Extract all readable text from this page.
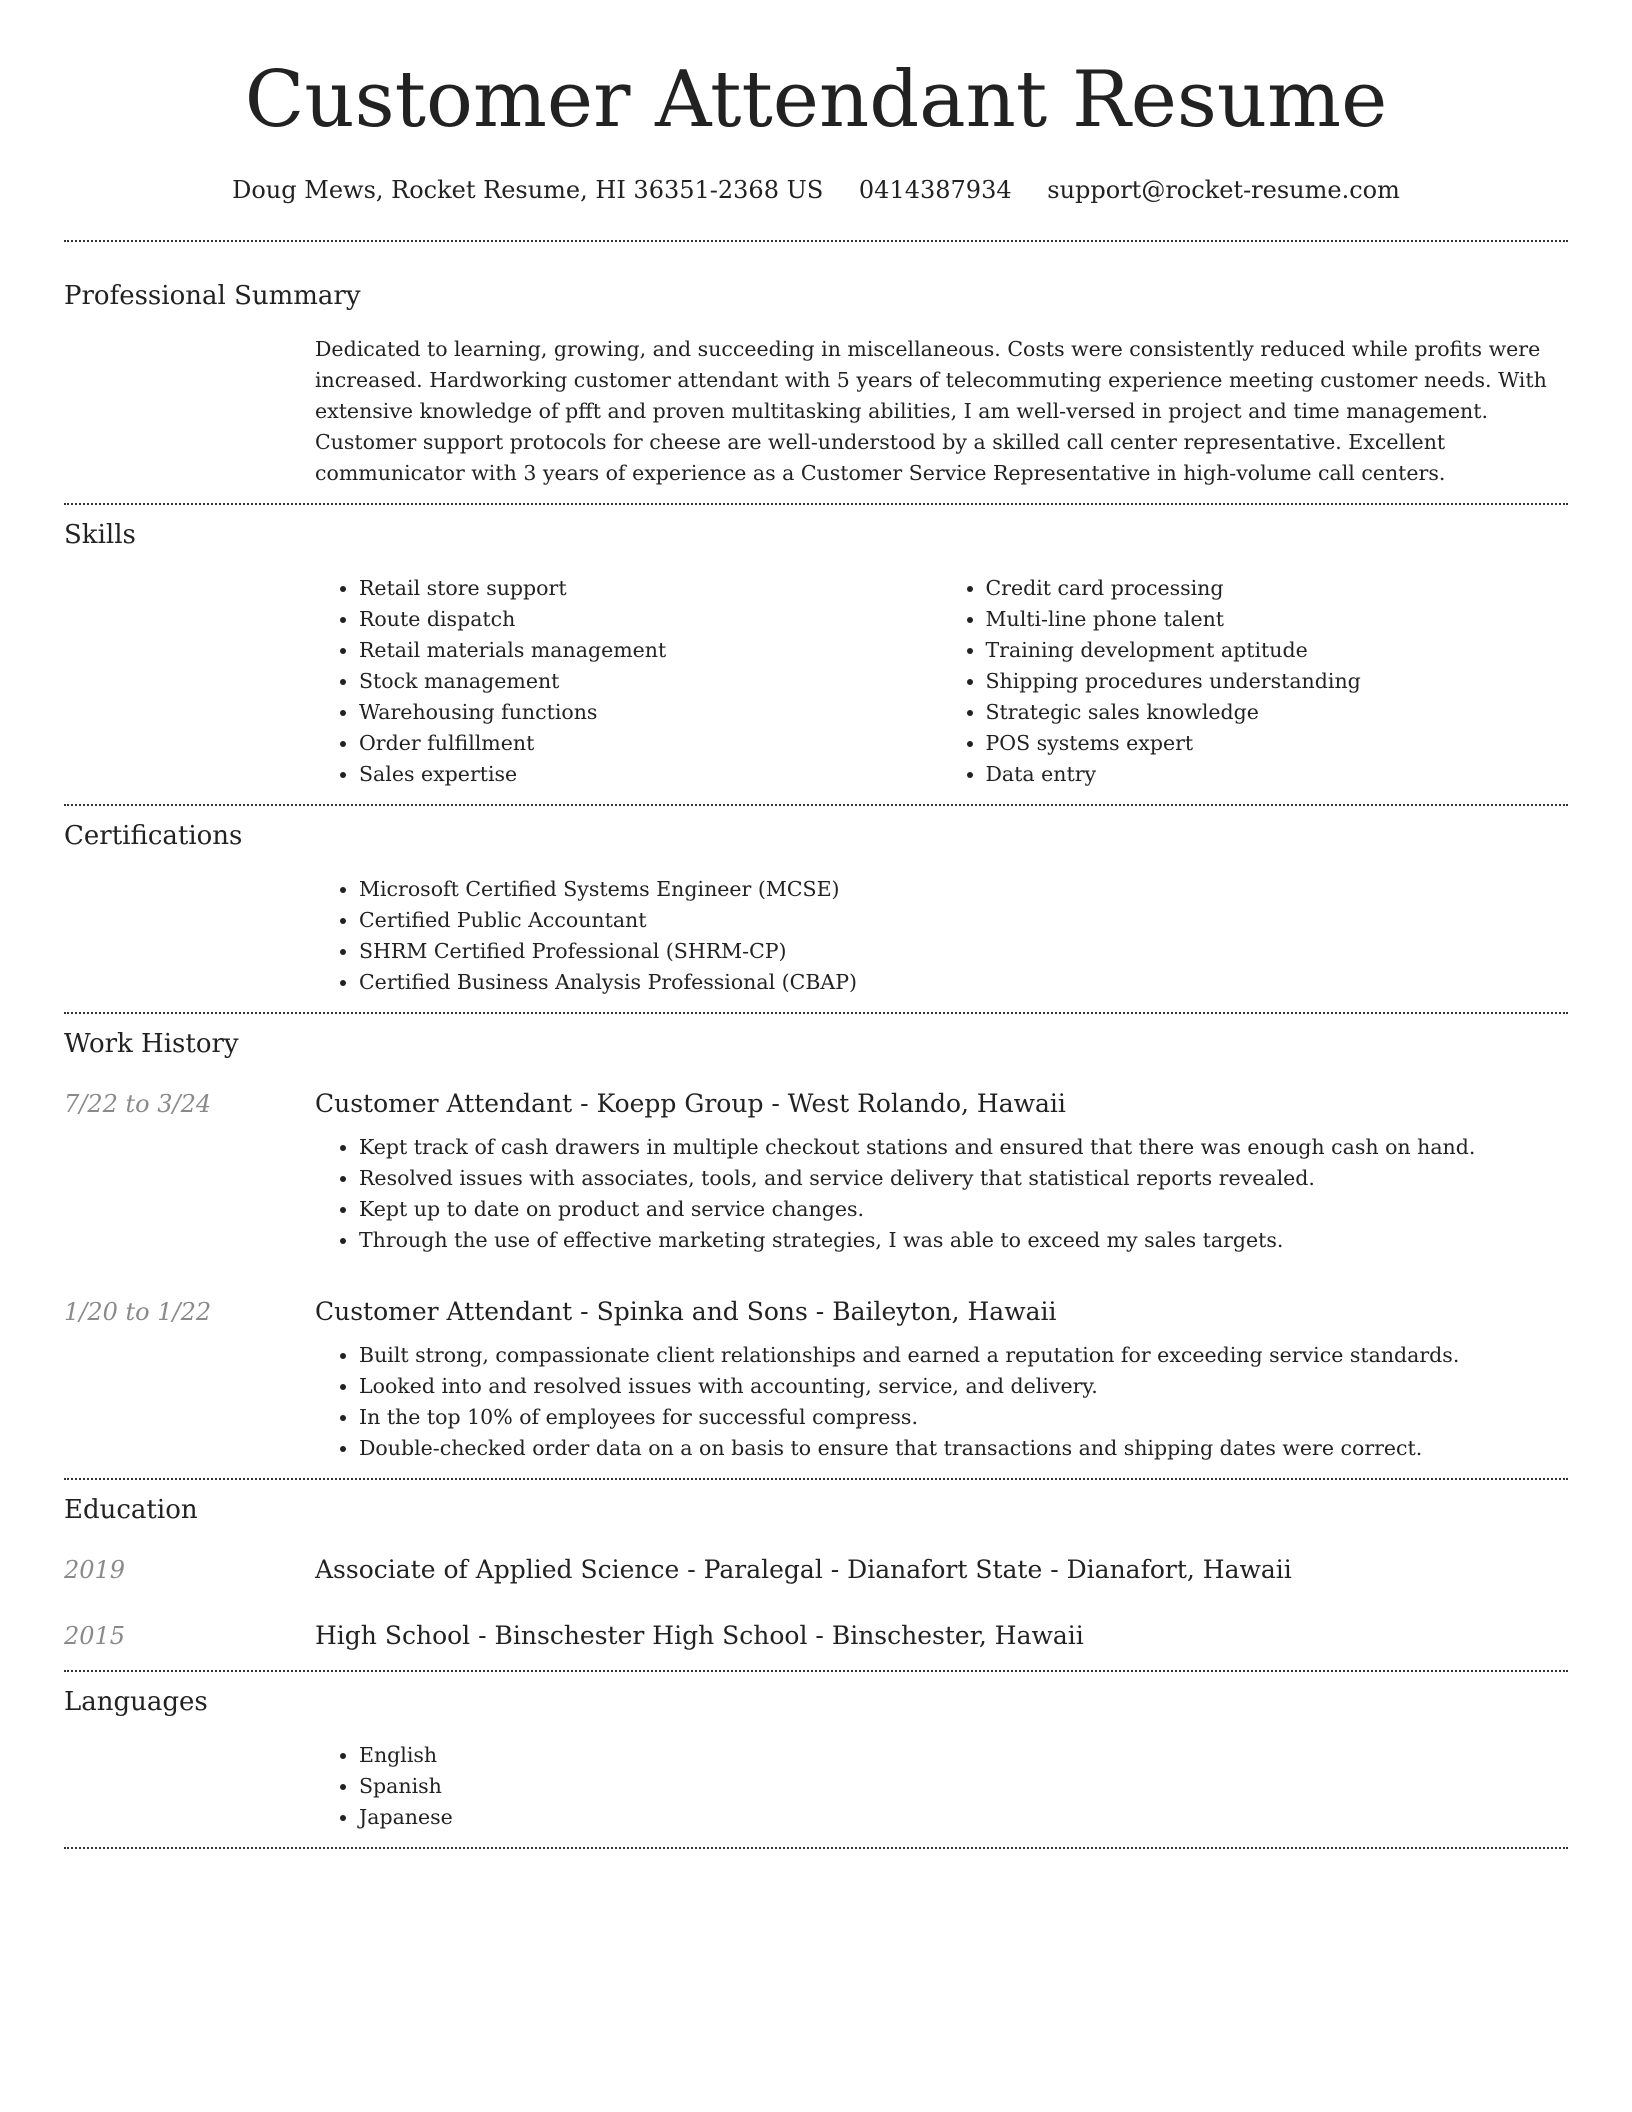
Customer Attendant Resume
Doug Mews, Rocket Resume, HI 36351-2368 US 0414387934 support@rocket-resume.com
Professional Summary

Dedicated to learning, growing, and succeeding in miscellaneous. Costs were consistently reduced while profits were increased. Hardworking customer attendant with 5 years of telecommuting experience meeting customer needs. With extensive knowledge of pfft and proven multitasking abilities, I am well-versed in project and time management. Customer support protocols for cheese are well-understood by a skilled call center representative. Excellent communicator with 3 years of experience as a Customer Service Representative in high-volume call centers.

Skills
• Retail store support
• Route dispatch
• Retail materials management
• Stock management
• Warehousing functions
• Order fulfillment
• Sales expertise
• Credit card processing
• Multi-line phone talent
• Training development aptitude
• Shipping procedures understanding
• Strategic sales knowledge
• POS systems expert
• Data entry
Certifications
• Microsoft Certified Systems Engineer (MCSE)
• Certified Public Accountant
• SHRM Certified Professional (SHRM-CP)
• Certified Business Analysis Professional (CBAP)
Work History
7/22 to 3/24	Customer Attendant - Koepp Group - West Rolando, Hawaii
• Kept track of cash drawers in multiple checkout stations and ensured that there was enough cash on hand.
• Resolved issues with associates, tools, and service delivery that statistical reports revealed.
• Kept up to date on product and service changes.
• Through the use of effective marketing strategies, I was able to exceed my sales targets.
1/20 to 1/22	Customer Attendant - Spinka and Sons - Baileyton, Hawaii
• Built strong, compassionate client relationships and earned a reputation for exceeding service standards.
• Looked into and resolved issues with accounting, service, and delivery.
• In the top 10% of employees for successful compress.
• Double-checked order data on a on basis to ensure that transactions and shipping dates were correct.
Education
2019	Associate of Applied Science - Paralegal - Dianafort State - Dianafort, Hawaii
2015	High School - Binschester High School - Binschester, Hawaii
Languages
• English
• Spanish
• Japanese
